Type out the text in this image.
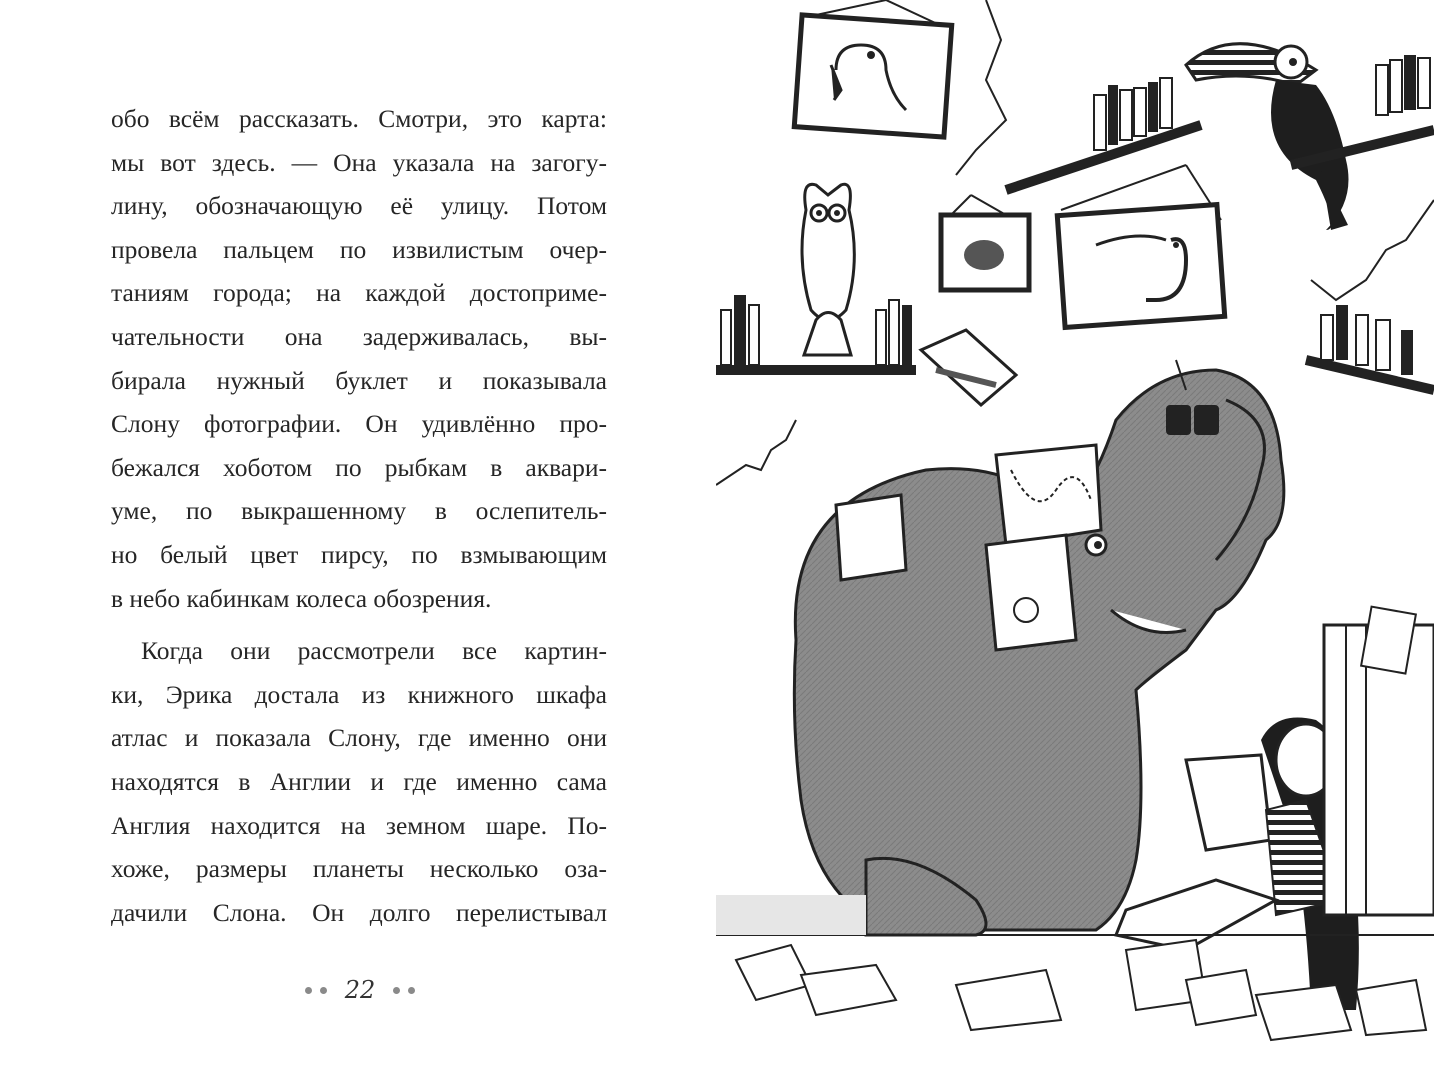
обо всём рассказать. Смотри, это карта:
мы вот здесь. — Она указала на загогу-
лину, обозначающую её улицу. Потом
провела пальцем по извилистым очер-
таниям города; на каждой достоприме-
чательности она задерживалась, вы-
бирала нужный буклет и показывала
Слону фотографии. Он удивлённо про-
бежался хоботом по рыбкам в аквари-
уме, по выкрашенному в ослепитель-
но белый цвет пирсу, по взмывающим
в небо кабинкам колеса обозрения.
Когда они рассмотрели все картин-
ки, Эрика достала из книжного шкафа
атлас и показала Слону, где именно они
находятся в Англии и где именно сама
Англия находится на земном шаре. По-
хоже, размеры планеты несколько оза-
дачили Слона. Он долго перелистывал
22
